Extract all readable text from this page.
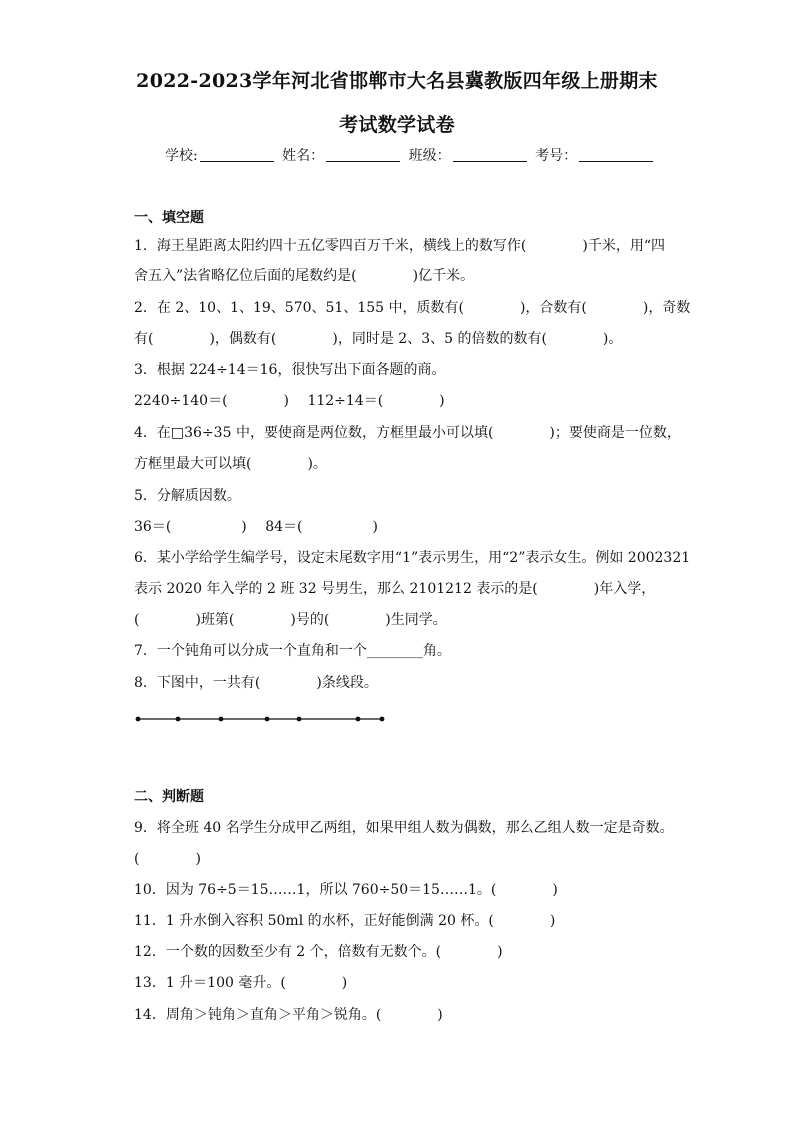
2022-2023学年河北省邯郸市大名县冀教版四年级上册期末
考试数学试卷
学校:	姓名：	班级：	考号：
一、填空题
1．海王星距离太阳约四十五亿零四百万千米，横线上的数写作(　　　　)千米，用“四
舍五入”法省略亿位后面的尾数约是(　　　　)亿千米。
2．在 2、10、1、19、570、51、155 中，质数有(　　　　)，合数有(　　　　)，奇数
有(　　　　)，偶数有(　　　　)，同时是 2、3、5 的倍数的数有(　　　　)。
3．根据 224÷14＝16，很快写出下面各题的商。
2240÷140＝(　　　　)　 112÷14＝(　　　　)
4．在□36÷35 中，要使商是两位数，方框里最小可以填(　　　　)；要使商是一位数，
方框里最大可以填(　　　　)。
5．分解质因数。
36＝(　　　　　)　 84＝(　　　　　)
6．某小学给学生编学号，设定末尾数字用“1”表示男生，用“2”表示女生。例如 2002321
表示 2020 年入学的 2 班 32 号男生，那么 2101212 表示的是(　　　　)年入学，
(　　　　)班第(　　　　)号的(　　　　)生同学。
7．一个钝角可以分成一个直角和一个________角。
8．下图中，一共有(　　　　)条线段。
二、判断题
9．将全班 40 名学生分成甲乙两组，如果甲组人数为偶数，那么乙组人数一定是奇数。
(　　　　)
10．因为 76÷5＝15……1，所以 760÷50＝15……1。(　　　　)
11．1 升水倒入容积 50ml 的水杯，正好能倒满 20 杯。(　　　　)
12．一个数的因数至少有 2 个，倍数有无数个。(　　　　)
13．1 升＝100 毫升。(　　　　)
14．周角＞钝角＞直角＞平角＞锐角。(　　　　)
